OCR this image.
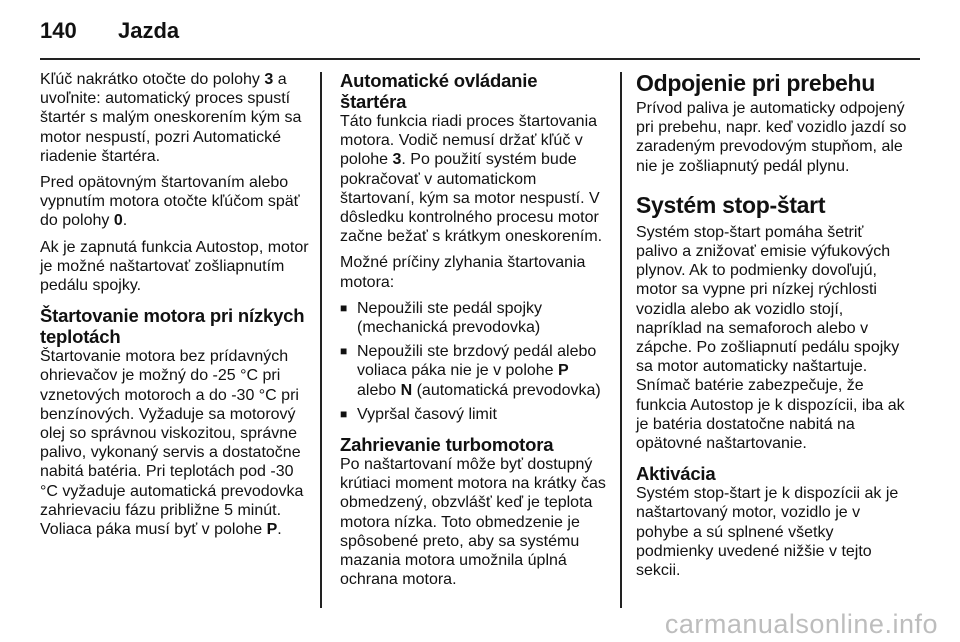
140	Jazda

Kľúč nakrátko otočte do polohy 3 a uvoľnite: automatický proces spustí štartér s malým oneskorením kým sa motor nespustí, pozri Automatické riadenie štartéra.

Pred opätovným štartovaním alebo vypnutím motora otočte kľúčom späť do polohy 0.

Ak je zapnutá funkcia Autostop, motor je možné naštartovať zošliapnutím pedálu spojky.

Štartovanie motora pri nízkych teplotách

Štartovanie motora bez prídavných ohrievačov je možný do -25 °C pri vznetových motoroch a do -30 °C pri benzínových. Vyžaduje sa motorový olej so správnou viskozitou, správne palivo, vykonaný servis a dostatočne nabitá batéria. Pri teplotách pod -30 °C vyžaduje automatická prevodovka zahrievaciu fázu približne 5 minút. Voliaca páka musí byť v polohe P.

Automatické ovládanie štartéra

Táto funkcia riadi proces štartovania motora. Vodič nemusí držať kľúč v polohe 3. Po použití systém bude pokračovať v automatickom štartovaní, kým sa motor nespustí. V dôsledku kontrolného procesu motor začne bežať s krátkym oneskorením.

Možné príčiny zlyhania štartovania motora:

■ Nepoužili ste pedál spojky (mechanická prevodovka)
■ Nepoužili ste brzdový pedál alebo voliaca páka nie je v polohe P alebo N (automatická prevodovka)
■ Vypršal časový limit
Zahrievanie turbomotora

Po naštartovaní môže byť dostupný krútiaci moment motora na krátky čas obmedzený, obzvlášť keď je teplota motora nízka. Toto obmedzenie je spôsobené preto, aby sa systému mazania motora umožnila úplná ochrana motora.

Odpojenie pri prebehu

Prívod paliva je automaticky odpojený pri prebehu, napr. keď vozidlo jazdí so zaradeným prevodovým stupňom, ale nie je zošliapnutý pedál plynu.

Systém stop-štart

Systém stop-štart pomáha šetriť palivo a znižovať emisie výfukových plynov. Ak to podmienky dovoľujú, motor sa vypne pri nízkej rýchlosti vozidla alebo ak vozidlo stojí, napríklad na semaforoch alebo v zápche. Po zošliapnutí pedálu spojky sa motor automaticky naštartuje. Snímač batérie zabezpečuje, že funkcia Autostop je k dispozícii, iba ak je batéria dostatočne nabitá na opätovné naštartovanie.

Aktivácia

Systém stop-štart je k dispozícii ak je naštartovaný motor, vozidlo je v pohybe a sú splnené všetky podmienky uvedené nižšie v tejto sekcii.

carmanualsonline.info
